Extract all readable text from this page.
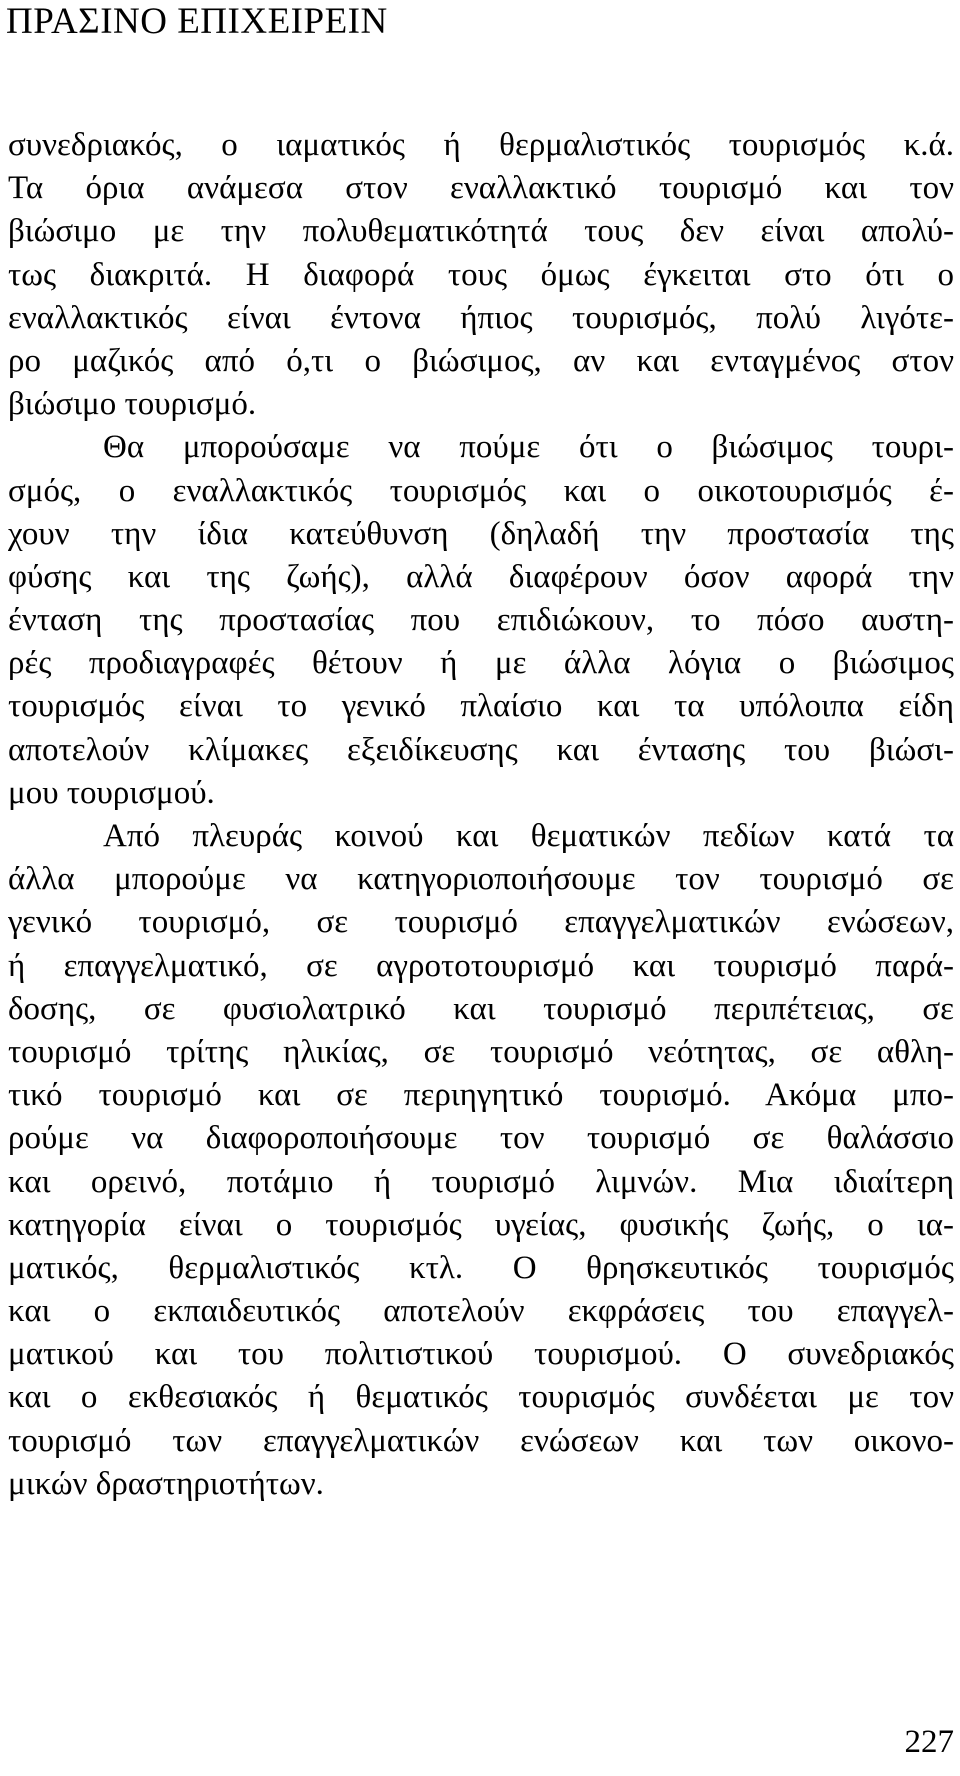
ΠΡΑΣΙΝΟ ΕΠΙΧΕΙΡΕΙΝ
συνεδριακός, ο ιαματικός ή θερμαλιστικός τουρισμός κ.ά.
Τα όρια ανάμεσα στον εναλλακτικό τουρισμό και τον
βιώσιμο με την πολυθεματικότητά τους δεν είναι απολύ-
τως διακριτά. Η διαφορά τους όμως έγκειται στο ότι ο
εναλλακτικός είναι έντονα ήπιος τουρισμός, πολύ λιγότε-
ρο μαζικός από ό,τι ο βιώσιμος, αν και ενταγμένος στον
βιώσιμο τουρισμό.
Θα μπορούσαμε να πούμε ότι ο βιώσιμος τουρι-
σμός, ο εναλλακτικός τουρισμός και ο οικοτουρισμός έ-
χουν την ίδια κατεύθυνση (δηλαδή την προστασία της
φύσης και της ζωής), αλλά διαφέρουν όσον αφορά την
ένταση της προστασίας που επιδιώκουν, το πόσο αυστη-
ρές προδιαγραφές θέτουν ή με άλλα λόγια ο βιώσιμος
τουρισμός είναι το γενικό πλαίσιο και τα υπόλοιπα είδη
αποτελούν κλίμακες εξειδίκευσης και έντασης του βιώσι-
μου τουρισμού.
Από πλευράς κοινού και θεματικών πεδίων κατά τα
άλλα μπορούμε να κατηγοριοποιήσουμε τον τουρισμό σε
γενικό τουρισμό, σε τουρισμό επαγγελματικών ενώσεων,
ή επαγγελματικό, σε αγροτοτουρισμό και τουρισμό παρά-
δοσης, σε φυσιολατρικό και τουρισμό περιπέτειας, σε
τουρισμό τρίτης ηλικίας, σε τουρισμό νεότητας, σε αθλη-
τικό τουρισμό και σε περιηγητικό τουρισμό. Ακόμα μπο-
ρούμε να διαφοροποιήσουμε τον τουρισμό σε θαλάσσιο
και ορεινό, ποτάμιο ή τουρισμό λιμνών. Μια ιδιαίτερη
κατηγορία είναι ο τουρισμός υγείας, φυσικής ζωής, ο ια-
ματικός, θερμαλιστικός κτλ. Ο θρησκευτικός τουρισμός
και ο εκπαιδευτικός αποτελούν εκφράσεις του επαγγελ-
ματικού και του πολιτιστικού τουρισμού. Ο συνεδριακός
και ο εκθεσιακός ή θεματικός τουρισμός συνδέεται με τον
τουρισμό των επαγγελματικών ενώσεων και των οικονο-
μικών δραστηριοτήτων.
227
